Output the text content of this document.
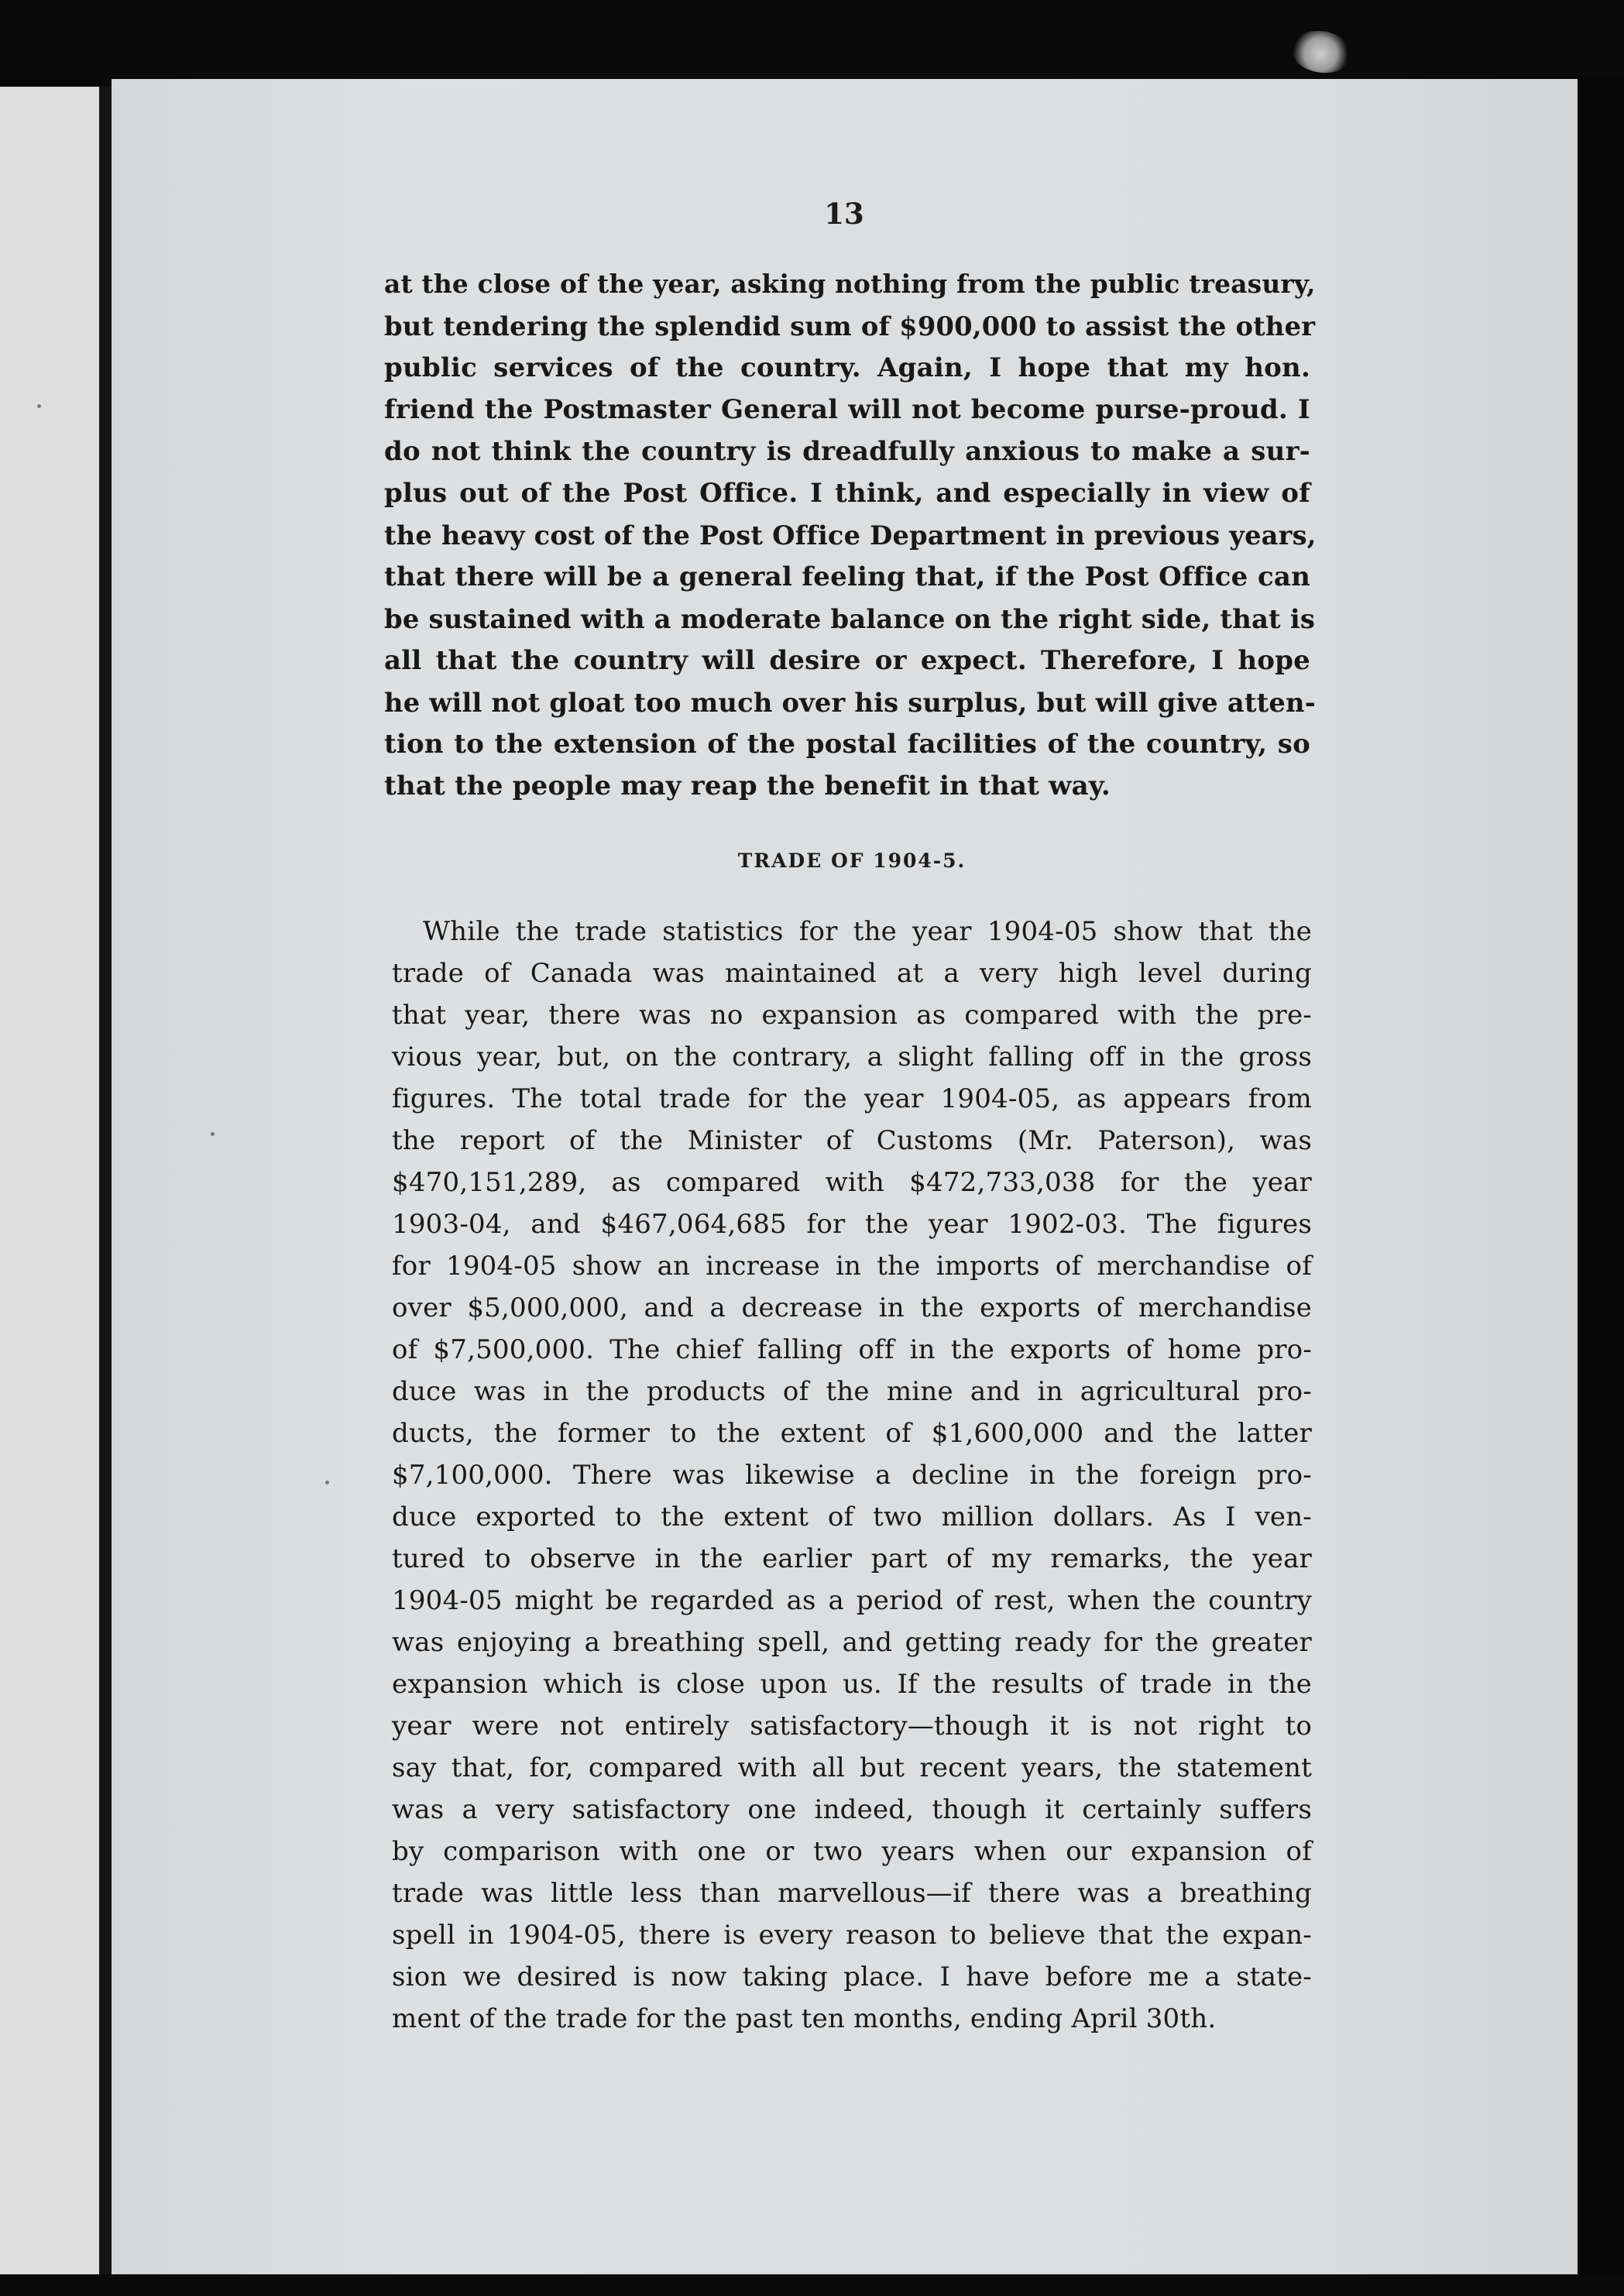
13
at the close of the year, asking nothing from the public treasury,
but tendering the splendid sum of $900,000 to assist the other
public services of the country. Again, I hope that my hon.
friend the Postmaster General will not become purse-proud. I
do not think the country is dreadfully anxious to make a sur-
plus out of the Post Office. I think, and especially in view of
the heavy cost of the Post Office Department in previous years,
that there will be a general feeling that, if the Post Office can
be sustained with a moderate balance on the right side, that is
all that the country will desire or expect. Therefore, I hope
he will not gloat too much over his surplus, but will give atten-
tion to the extension of the postal facilities of the country, so
that the people may reap the benefit in that way.
TRADE OF 1904-5.
While the trade statistics for the year 1904-05 show that the
trade of Canada was maintained at a very high level during
that year, there was no expansion as compared with the pre-
vious year, but, on the contrary, a slight falling off in the gross
figures. The total trade for the year 1904-05, as appears from
the report of the Minister of Customs (Mr. Paterson), was
$470,151,289, as compared with $472,733,038 for the year
1903-04, and $467,064,685 for the year 1902-03. The figures
for 1904-05 show an increase in the imports of merchandise of
over $5,000,000, and a decrease in the exports of merchandise
of $7,500,000. The chief falling off in the exports of home pro-
duce was in the products of the mine and in agricultural pro-
ducts, the former to the extent of $1,600,000 and the latter
$7,100,000. There was likewise a decline in the foreign pro-
duce exported to the extent of two million dollars. As I ven-
tured to observe in the earlier part of my remarks, the year
1904-05 might be regarded as a period of rest, when the country
was enjoying a breathing spell, and getting ready for the greater
expansion which is close upon us. If the results of trade in the
year were not entirely satisfactory—though it is not right to
say that, for, compared with all but recent years, the statement
was a very satisfactory one indeed, though it certainly suffers
by comparison with one or two years when our expansion of
trade was little less than marvellous—if there was a breathing
spell in 1904-05, there is every reason to believe that the expan-
sion we desired is now taking place. I have before me a state-
ment of the trade for the past ten months, ending April 30th.
